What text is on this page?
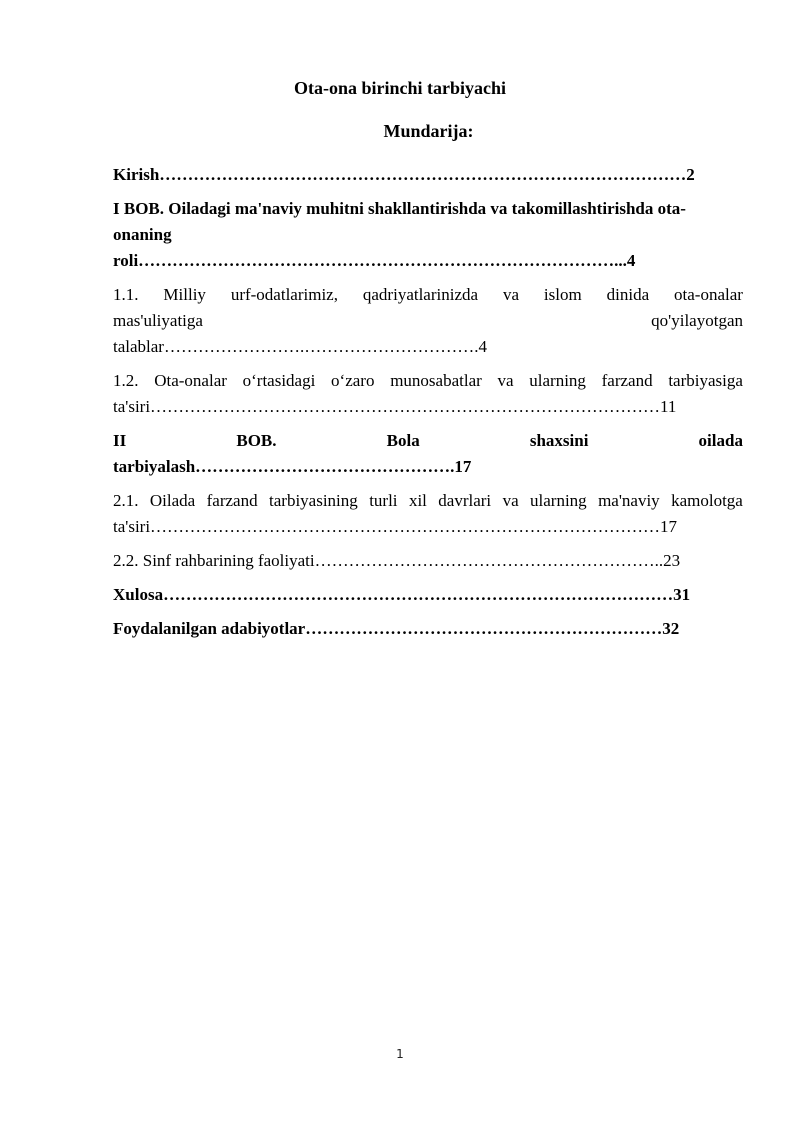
Ota-ona birinchi tarbiyachi
Mundarija:
Kirish…………………………………………………………………………………2
I BOB. Oiladagi ma'naviy muhitni shakllantirishda va takomillashtirishda ota-
onaning
roli…………………………………………………………………………...4
1.1. Milliy urf-odatlarimiz, qadriyatlarinizda va islom dinida ota-onalar
mas'uliyatiga	qo'yilayotgan
talablar…………………….………………………….4
1.2. Ota-onalar o‘rtasidagi o‘zaro munosabatlar va ularning farzand tarbiyasiga
ta'siri………………………………………………………………………………11
II	BOB.	Bola	shaxsini	oilada
tarbiyalash……………………………………….17
2.1. Oilada farzand tarbiyasining turli xil davrlari va ularning ma'naviy kamolotga
ta'siri………………………………………………………………………………17
2.2. Sinf rahbarining faoliyati……………………………………………………..23
Xulosa………………………………………………………………………………31
Foydalanilgan adabiyotlar………………………………………………………32
1
